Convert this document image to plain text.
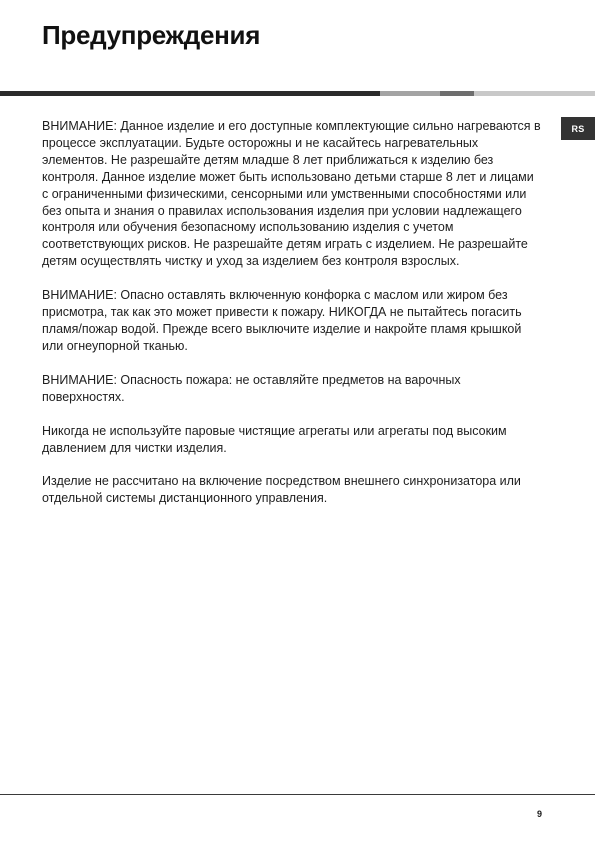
Предупреждения
RS

ВНИМАНИЕ: Данное изделие и его доступные комплектующие сильно нагреваются в процессе эксплуатации. Будьте осторожны и не касайтесь нагревательных элементов. Не разрешайте детям младше 8 лет приближаться к изделию без контроля. Данное изделие может быть использовано детьми старше 8 лет и лицами с ограниченными физическими, сенсорными или умственными способностями или без опыта и знания о правилах использования изделия при условии надлежащего контроля или обучения безопасному использованию изделия с учетом соответствующих рисков. Не разрешайте детям играть с изделием. Не разрешайте детям осуществлять чистку и уход за изделием без контроля взрослых.

ВНИМАНИЕ: Опасно оставлять включенную конфорка с маслом или жиром без присмотра, так как это может привести к пожару. НИКОГДА не пытайтесь погасить пламя/пожар водой. Прежде всего выключите изделие и накройте пламя крышкой или огнеупорной тканью.

ВНИМАНИЕ: Опасность пожара: не оставляйте предметов на варочных поверхностях.

Никогда не используйте паровые чистящие агрегаты или агрегаты под высоким давлением для чистки изделия.

Изделие не рассчитано на включение посредством внешнего синхронизатора или отдельной системы дистанционного управления.

9
